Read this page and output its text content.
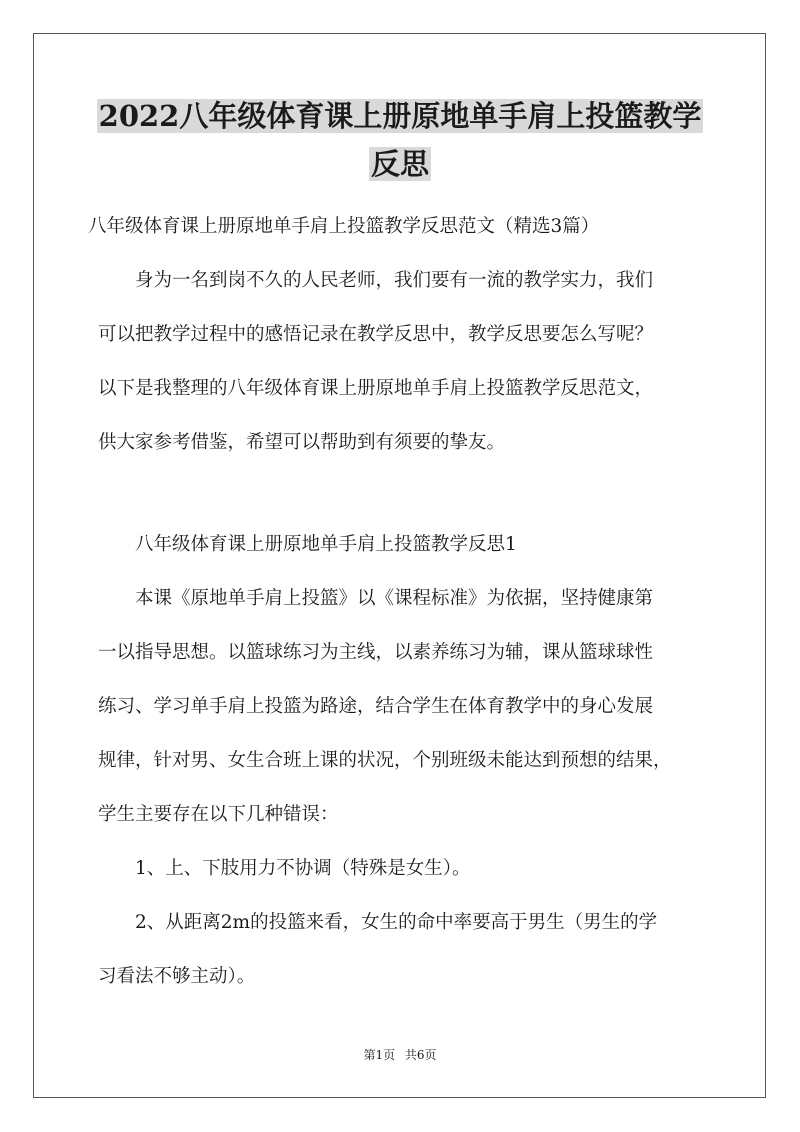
2022八年级体育课上册原地单手肩上投篮教学
反思
八年级体育课上册原地单手肩上投篮教学反思范文（精选3篇）
身为一名到岗不久的人民老师，我们要有一流的教学实力，我们
可以把教学过程中的感悟记录在教学反思中，教学反思要怎么写呢？
以下是我整理的八年级体育课上册原地单手肩上投篮教学反思范文，
供大家参考借鉴，希望可以帮助到有须要的挚友。
八年级体育课上册原地单手肩上投篮教学反思1
本课《原地单手肩上投篮》以《课程标准》为依据，坚持健康第
一以指导思想。以篮球练习为主线，以素养练习为辅，课从篮球球性
练习、学习单手肩上投篮为路途，结合学生在体育教学中的身心发展
规律，针对男、女生合班上课的状况，个别班级未能达到预想的结果，
学生主要存在以下几种错误：
1、上、下肢用力不协调（特殊是女生）。
2、从距离2m的投篮来看，女生的命中率要高于男生（男生的学
习看法不够主动）。
第1页 共6页
